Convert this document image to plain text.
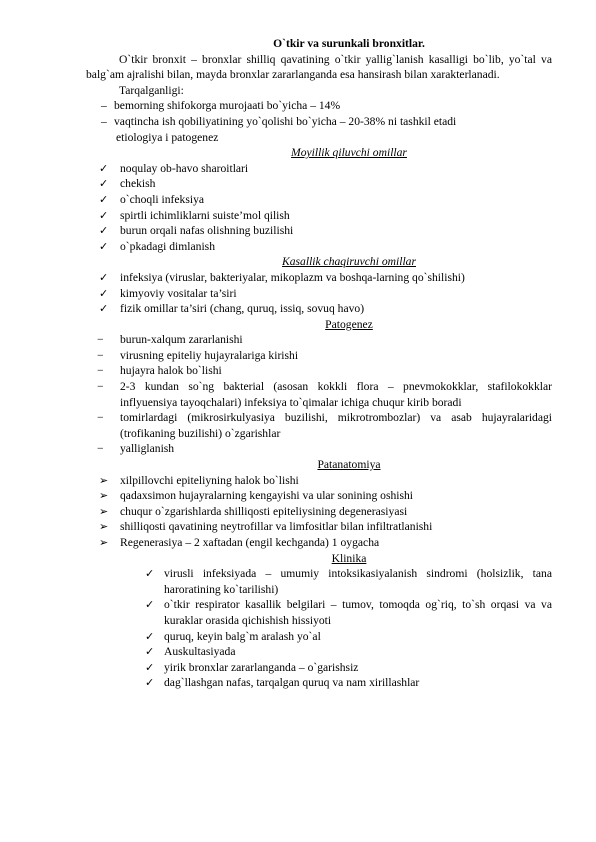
O`tkir va surunkali bronxitlar.
O`tkir bronxit – bronxlar shilliq qavatining o`tkir yallig`lanish kasalligi bo`lib, yo`tal va balg`am ajralishi bilan, mayda bronxlar zararlanganda esa hansirash bilan xarakterlanadi.
Tarqalganligi:
– bemorning shifokorga murojaati bo`yicha – 14%
– vaqtincha ish qobiliyatining yo`qolishi bo`yicha – 20-38% ni tashkil etadi
etiologiya i patogenez
Moyillik qiluvchi omillar
✓ noqulay ob-havo sharoitlari
✓ chekish
✓ o`choqli infeksiya
✓ spirtli ichimliklarni suiste’mol qilish
✓ burun orqali nafas olishning buzilishi
✓ o`pkadagi dimlanish
Kasallik chaqiruvchi omillar
✓ infeksiya (viruslar, bakteriyalar, mikoplazm va boshqa-larning qo`shilishi)
✓ kimyoviy vositalar ta’siri
✓ fizik omillar ta’siri (chang, quruq, issiq, sovuq havo)
Patogenez
− burun-xalqum zararlanishi
− virusning epiteliy hujayralariga kirishi
− hujayra halok bo`lishi
− 2-3 kundan so`ng bakterial (asosan kokkli flora – pnevmokokklar, stafilokokklar inflyuensiya tayoqchalari) infeksiya to`qimalar ichiga chuqur kirib boradi
− tomirlardagi (mikrosirkulyasiya buzilishi, mikrotrombozlar) va asab hujayralaridagi (trofikaning buzilishi) o`zgarishlar
− yalliglanish
Patanatomiya
➢ xilpillovchi epiteliyning halok bo`lishi
➢ qadaxsimon hujayralarning kengayishi va ular sonining oshishi
➢ chuqur o`zgarishlarda shilliqosti epiteliysining degenerasiyasi
➢ shilliqosti qavatining neytrofillar va limfositlar bilan infiltratlanishi
➢ Regenerasiya – 2 xaftadan (engil kechganda) 1 oygacha
Klinika
✓ virusli infeksiyada – umumiy intoksikasiyalanish sindromi (holsizlik, tana haroratining ko`tarilishi)
✓ o`tkir respirator kasallik belgilari – tumov, tomoqda og`riq, to`sh orqasi va va kuraklar orasida qichishish hissiyoti
✓ quruq, keyin balg`m aralash yo`al
✓ Auskultasiyada
✓ yirik bronxlar zararlanganda – o`garishsiz
✓ dag`llashgan nafas, tarqalgan quruq va nam xirillashlar
